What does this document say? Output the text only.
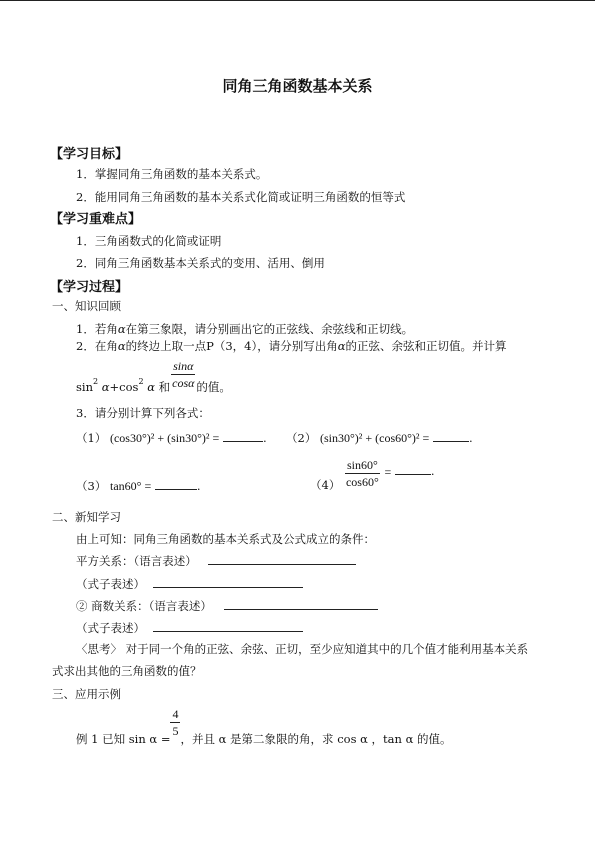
同角三角函数基本关系
【学习目标】
1．掌握同角三角函数的基本关系式。
2．能用同角三角函数的基本关系式化简或证明三角函数的恒等式
【学习重难点】
1．三角函数式的化简或证明
2．同角三角函数基本关系式的变用、活用、倒用
【学习过程】
一、知识回顾
1．若角α在第三象限，请分别画出它的正弦线、余弦线和正切线。
2．在角α的终边上取一点P（3，4），请分别写出角α的正弦、余弦和正切值。并计算
$\sin^2 \alpha+\cos^2$ α 和 $\frac{\sin\alpha}{\cos\alpha}$ 的值。
3．请分别计算下列各式：
（1） (cos30°)² + (sin30°)² =	. （2） (sin30°)² + (cos60°)² =	.
（3） tan60° =	.	$(4) \frac{\sin 60^\circ}{\cos 60^\circ}$ =	.
二、新知学习
由上可知：同角三角函数的基本关系式及公式成立的条件：
平方关系：（语言表述）
（式子表述）
② 商数关系：（语言表述）
（式子表述）
〈思考〉 对于同一个角的正弦、余弦、正切，至少应知道其中的几个值才能利用基本关系
式求出其他的三角函数的值？
三、应用示例
例 1 已知 sin α =
$\frac{4}{5}$
，并且 α 是第二象限的角，求 cos α ，tan α 的值。
